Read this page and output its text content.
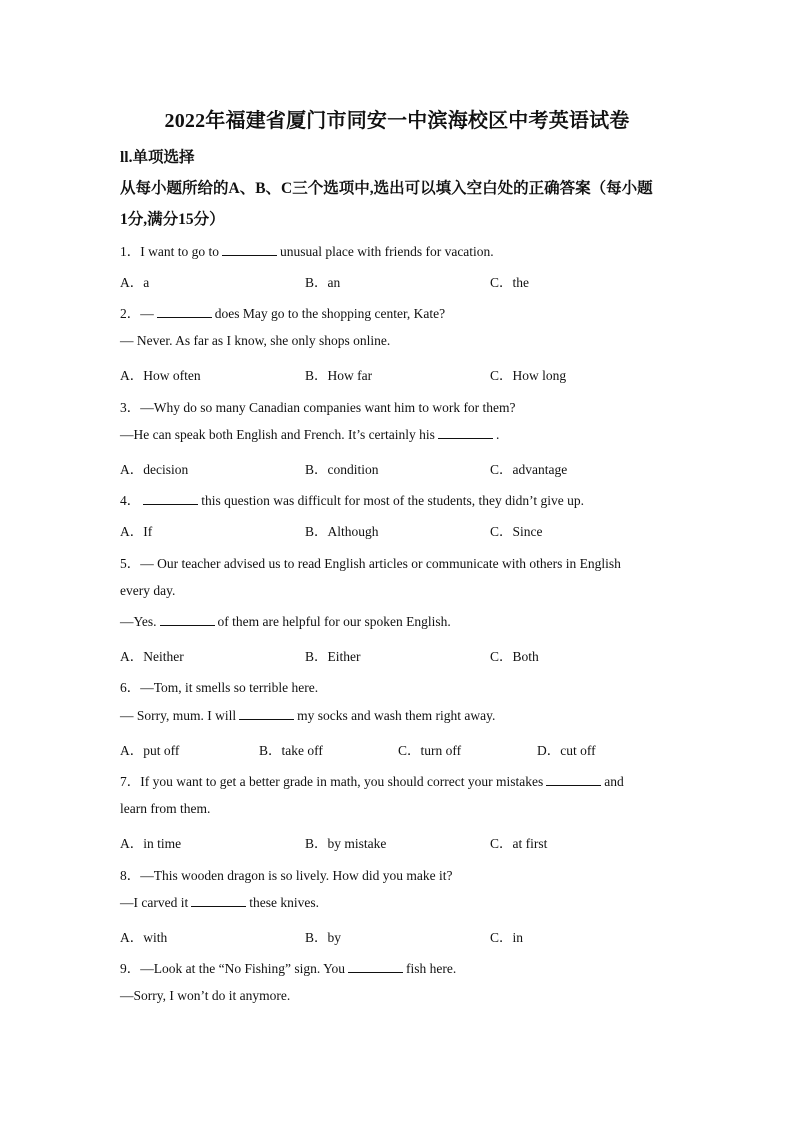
2022年福建省厦门市同安一中滨海校区中考英语试卷
ll.单项选择
从每小题所给的A、B、C三个选项中,选出可以填入空白处的正确答案（每小题
1分,满分15分）
1．I want to go to	unusual place with friends for vacation.
A．a	B．an	C．the
2．—	does May go to the shopping center, Kate?
— Never. As far as I know, she only shops online.
A．How often	B．How far	C．How long
3．—Why do so many Canadian companies want him to work for them?
—He can speak both English and French. It’s certainly his	.
A．decision	B．condition	C．advantage
4．	this question was difficult for most of the students, they didn’t give up.
A．If	B．Although	C．Since
5．— Our teacher advised us to read English articles or communicate with others in English
every day.
—Yes.	of them are helpful for our spoken English.
A．Neither	B．Either	C．Both
6．—Tom, it smells so terrible here.
— Sorry, mum. I will	my socks and wash them right away.
A．put off	B．take off	C．turn off	D．cut off
7．If you want to get a better grade in math, you should correct your mistakes	and
learn from them.
A．in time	B．by mistake	C．at first
8．—This wooden dragon is so lively. How did you make it?
—I carved it	these knives.
A．with	B．by	C．in
9．—Look at the “No Fishing” sign. You	fish here.
—Sorry, I won’t do it anymore.
